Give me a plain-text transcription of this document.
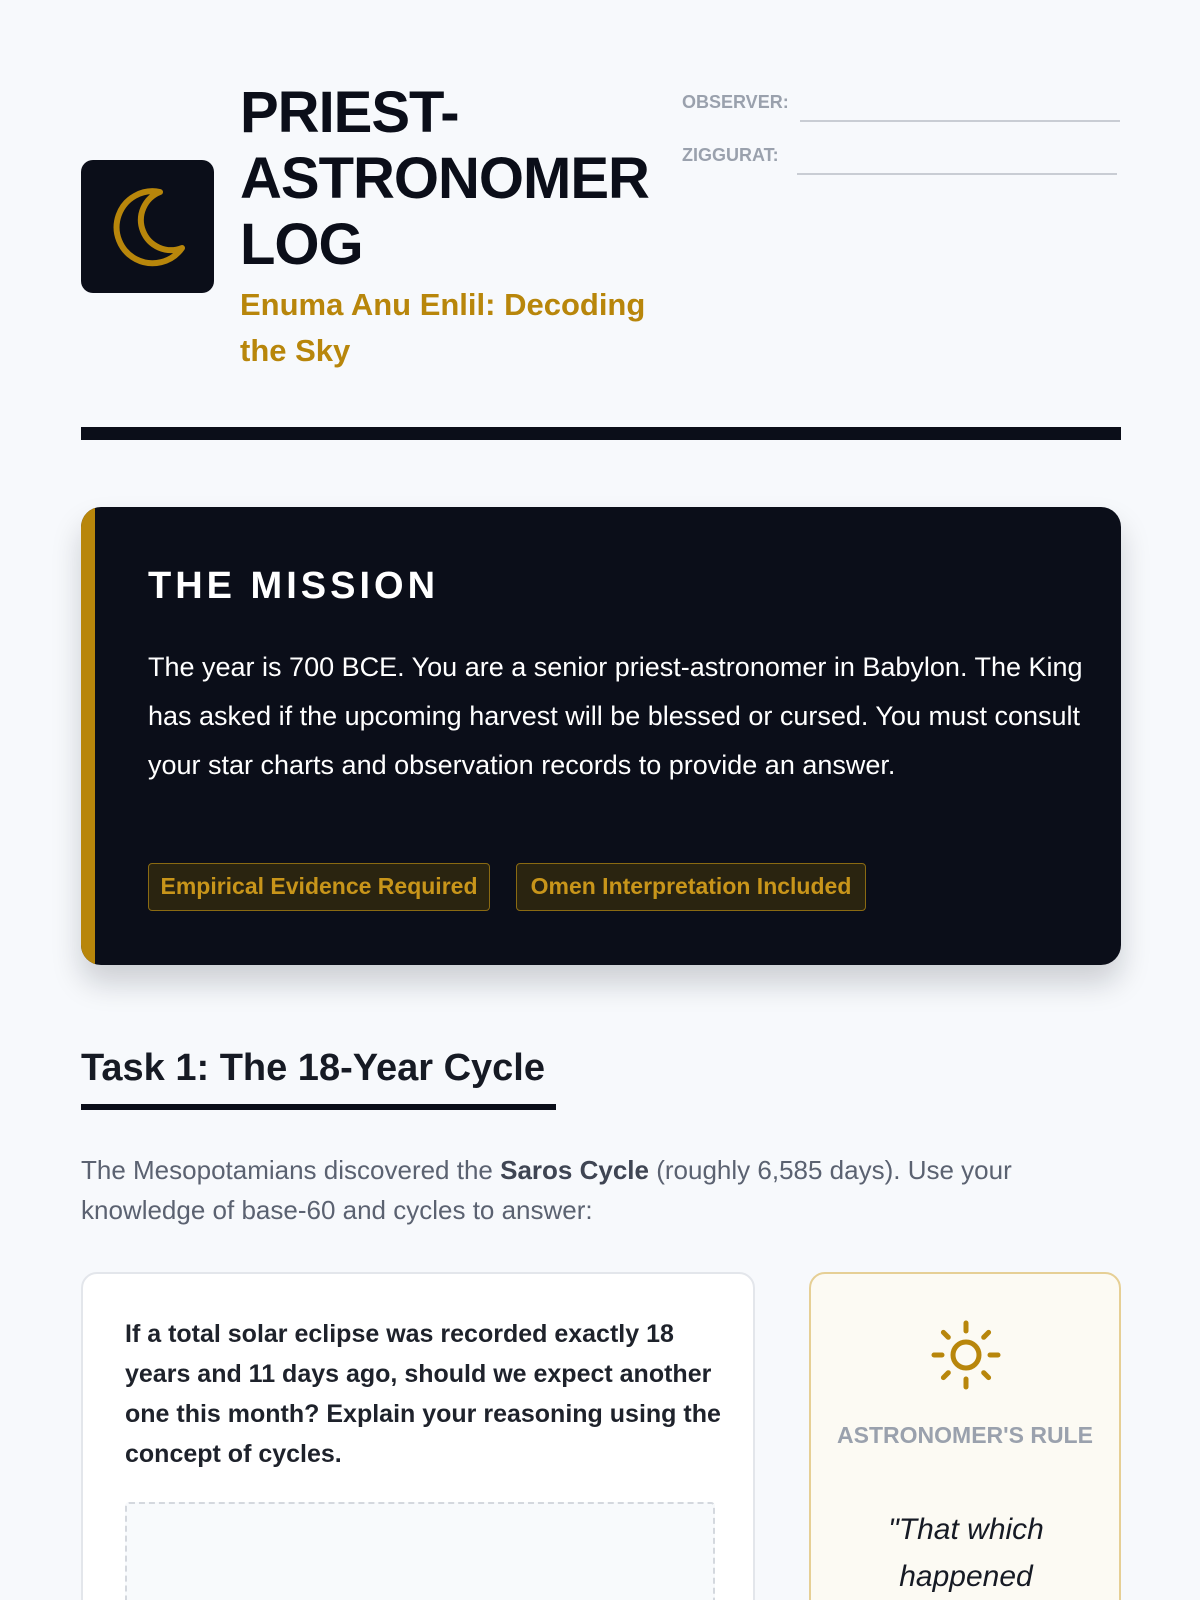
PRIEST-ASTRONOMER LOG
Enuma Anu Enlil: Decoding the Sky
OBSERVER:
ZIGGURAT:
THE MISSION

The year is 700 BCE. You are a senior priest-astronomer in Babylon. The King has asked if the upcoming harvest will be blessed or cursed. You must consult your star charts and observation records to provide an answer.

Empirical Evidence Required	Omen Interpretation Included
Task 1: The 18-Year Cycle

The Mesopotamians discovered the Saros Cycle (roughly 6,585 days). Use your knowledge of base-60 and cycles to answer:

If a total solar eclipse was recorded exactly 18 years and 11 days ago, should we expect another one this month? Explain your reasoning using the concept of cycles.

ASTRONOMER'S RULE

"That which happened
